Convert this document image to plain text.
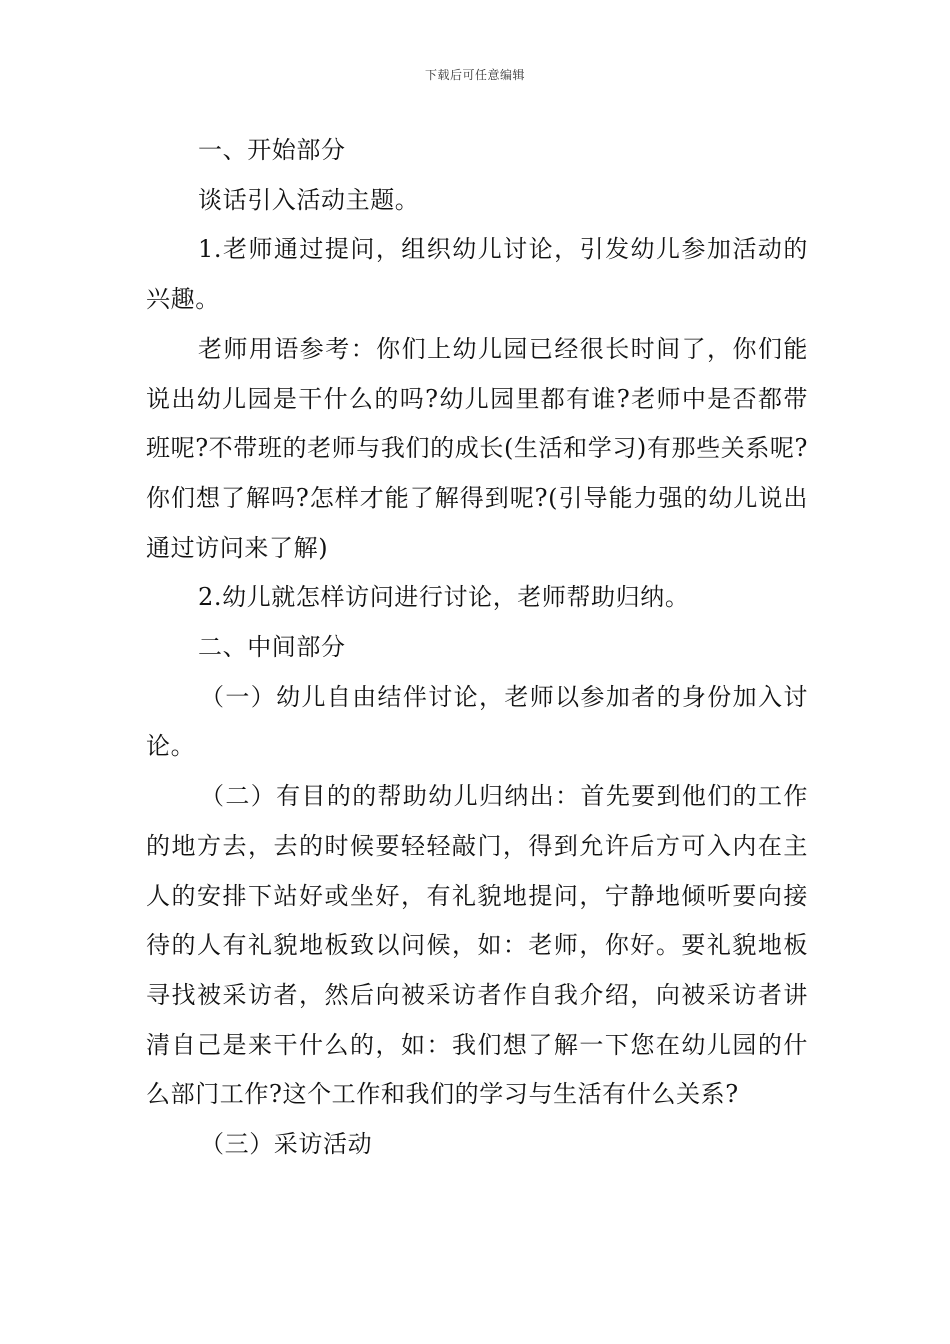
下载后可任意编辑

一、开始部分

谈话引入活动主题。

1.老师通过提问，组织幼儿讨论，引发幼儿参加活动的兴趣。

老师用语参考：你们上幼儿园已经很长时间了，你们能说出幼儿园是干什么的吗?幼儿园里都有谁?老师中是否都带班呢?不带班的老师与我们的成长(生活和学习)有那些关系呢?你们想了解吗?怎样才能了解得到呢?(引导能力强的幼儿说出通过访问来了解)

2.幼儿就怎样访问进行讨论，老师帮助归纳。

二、中间部分

（一）幼儿自由结伴讨论，老师以参加者的身份加入讨论。

（二）有目的的帮助幼儿归纳出：首先要到他们的工作的地方去，去的时候要轻轻敲门，得到允许后方可入内在主人的安排下站好或坐好，有礼貌地提问，宁静地倾听要向接待的人有礼貌地板致以问候，如：老师，你好。要礼貌地板寻找被采访者，然后向被采访者作自我介绍，向被采访者讲清自己是来干什么的，如：我们想了解一下您在幼儿园的什么部门工作?这个工作和我们的学习与生活有什么关系?

（三）采访活动
